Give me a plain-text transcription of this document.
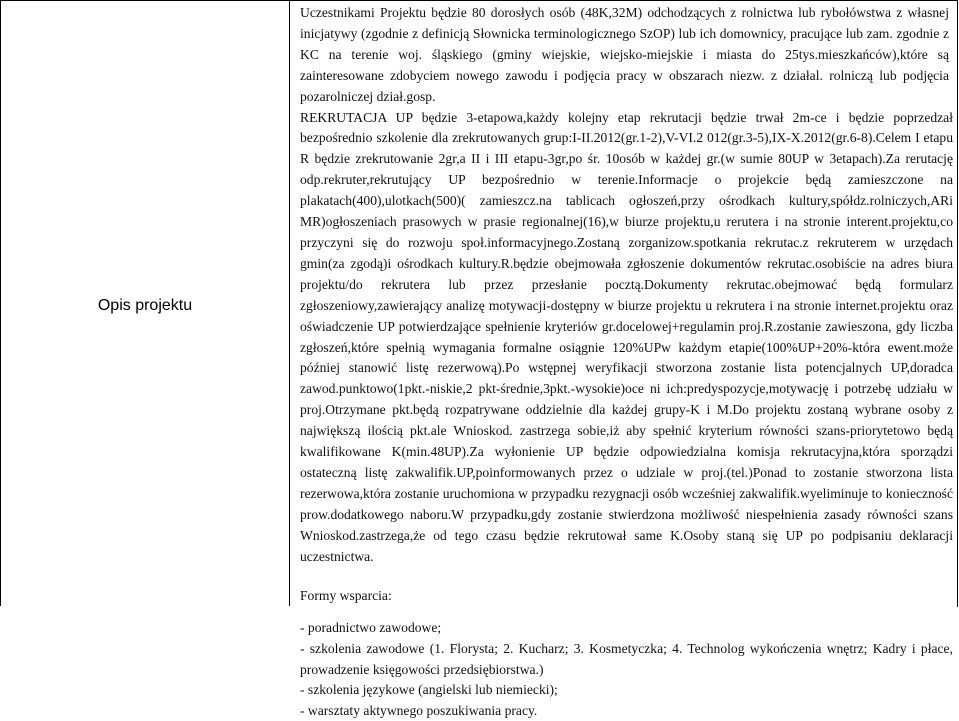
Opis projektu

Uczestnikami Projektu będzie 80 dorosłych osób (48K,32M) odchodzących z rolnictwa lub rybołówstwa z własnej inicjatywy (zgodnie z definicją Słownicka terminologicznego SzOP) lub ich domownicy, pracujące lub zam. zgodnie z KC na terenie woj. śląskiego (gminy wiejskie, wiejsko-miejskie i miasta do 25tys.mieszkańców),które są zainteresowane zdobyciem nowego zawodu i podjęcia pracy w obszarach niezw. z działal. rolniczą lub podjęcia pozarolniczej dział.gosp.

REKRUTACJA UP będzie 3-etapowa,każdy kolejny etap rekrutacji będzie trwał 2m-ce i będzie poprzedzał bezpośrednio szkolenie dla zrekrutowanych grup:I-II.2012(gr.1-2),V-VI.2 012(gr.3-5),IX-X.2012(gr.6-8).Celem I etapu R będzie zrekrutowanie 2gr,a II i III etapu-3gr,po śr. 10osób w każdej gr.(w sumie 80UP w 3etapach).Za rerutację odp.rekruter,rekrutujący UP bezpośrednio w terenie.Informacje o projekcie będą zamieszczone na plakatach(400),ulotkach(500)( zamieszcz.na tablicach ogłoszeń,przy ośrodkach kultury,spółdz.rolniczych,ARi MR)ogłoszeniach prasowych w prasie regionalnej(16),w biurze projektu,u rerutera i na stronie interent.projektu,co przyczyni się do rozwoju społ.informacyjnego.Zostaną zorganizow.spotkania rekrutac.z rekruterem w urzędach gmin(za zgodą)i ośrodkach kultury.R.będzie obejmowała zgłoszenie dokumentów rekrutac.osobiście na adres biura projektu/do rekrutera lub przez przesłanie pocztą.Dokumenty rekrutac.obejmować będą formularz zgłoszeniowy,zawierający analizę motywacji-dostępny w biurze projektu u rekrutera i na stronie internet.projektu oraz oświadczenie UP potwierdzające spełnienie kryteriów gr.docelowej+regulamin proj.R.zostanie zawieszona, gdy liczba zgłoszeń,które spełnią wymagania formalne osiągnie 120%UPw każdym etapie(100%UP+20%-która ewent.może później stanowić listę rezerwową).Po wstępnej weryfikacji stworzona zostanie lista potencjalnych UP,doradca zawod.punktowo(1pkt.-niskie,2 pkt-średnie,3pkt.-wysokie)oce ni ich:predyspozycje,motywację i potrzebę udziału w proj.Otrzymane pkt.będą rozpatrywane oddzielnie dla każdej grupy-K i M.Do projektu zostaną wybrane osoby z największą ilością pkt.ale Wnioskod. zastrzega sobie,iż aby spełnić kryterium równości szans-priorytetowo będą kwalifikowane K(min.48UP).Za wyłonienie UP będzie odpowiedzialna komisja rekrutacyjna,która sporządzi ostateczną listę zakwalifik.UP,poinformowanych przez o udziale w proj.(tel.)Ponad to zostanie stworzona lista rezerwowa,która zostanie uruchomiona w przypadku rezygnacji osób wcześniej zakwalifik.wyeliminuje to konieczność prow.dodatkowego naboru.W przypadku,gdy zostanie stwierdzona możliwość niespełnienia zasady równości szans Wnioskod.zastrzega,że od tego czasu będzie rekrutował same K.Osoby staną się UP po podpisaniu deklaracji uczestnictwa.

Formy wsparcia:
- poradnictwo zawodowe;
- szkolenia zawodowe (1. Florysta; 2. Kucharz; 3. Kosmetyczka; 4. Technolog wykończenia wnętrz; Kadry i płace, prowadzenie księgowości przedsiębiorstwa.)
- szkolenia językowe (angielski lub niemiecki);
- warsztaty aktywnego poszukiwania pracy.
